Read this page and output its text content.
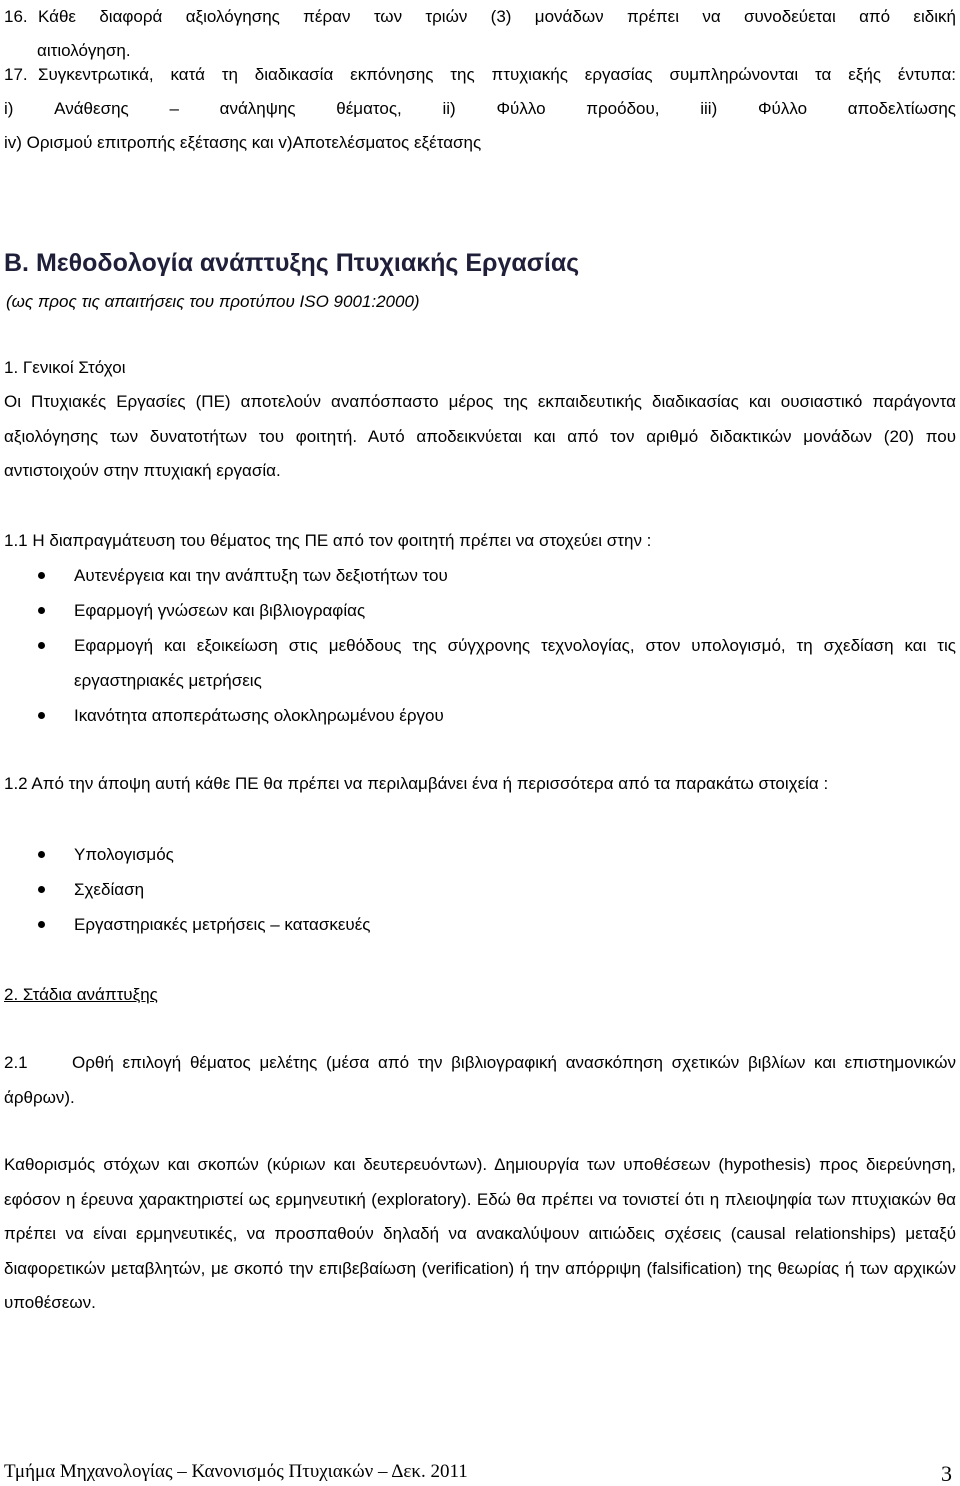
16. Κάθε διαφορά αξιολόγησης πέραν των τριών (3) μονάδων πρέπει να συνοδεύεται από ειδική
αιτιολόγηση.
17. Συγκεντρωτικά, κατά τη διαδικασία εκπόνησης της πτυχιακής εργασίας συμπληρώνονται τα εξής έντυπα:
i) Ανάθεσης – ανάληψης θέματος, ii) Φύλλο προόδου, iii) Φύλλο αποδελτίωσης
iv) Ορισμού επιτροπής εξέτασης και v)Αποτελέσματος εξέτασης
B. Μεθοδολογία ανάπτυξης Πτυχιακής Εργασίας
(ως προς τις απαιτήσεις του προτύπου ISO 9001:2000)
1. Γενικοί Στόχοι
Οι Πτυχιακές Εργασίες (ΠΕ) αποτελούν αναπόσπαστο μέρος της εκπαιδευτικής διαδικασίας και ουσιαστικό παράγοντα αξιολόγησης των δυνατοτήτων του φοιτητή. Αυτό αποδεικνύεται και από τον αριθμό διδακτικών μονάδων (20) που αντιστοιχούν στην πτυχιακή εργασία.
1.1 Η διαπραγμάτευση του θέματος της ΠΕ από τον φοιτητή πρέπει να στοχεύει στην :
Αυτενέργεια και την ανάπτυξη των δεξιοτήτων του
Εφαρμογή γνώσεων και βιβλιογραφίας
Εφαρμογή και εξοικείωση στις μεθόδους της σύγχρονης τεχνολογίας, στον υπολογισμό, τη σχεδίαση και τις εργαστηριακές μετρήσεις
Ικανότητα αποπεράτωσης ολοκληρωμένου έργου
1.2 Από την άποψη αυτή κάθε ΠΕ θα πρέπει να περιλαμβάνει ένα ή περισσότερα από τα παρακάτω στοιχεία :
Υπολογισμός
Σχεδίαση
Εργαστηριακές μετρήσεις – κατασκευές
2. Στάδια ανάπτυξης
2.1	Ορθή επιλογή θέματος μελέτης (μέσα από την βιβλιογραφική ανασκόπηση σχετικών βιβλίων και επιστημονικών άρθρων).
Καθορισμός στόχων και σκοπών (κύριων και δευτερευόντων). Δημιουργία των υποθέσεων (hypothesis) προς διερεύνηση, εφόσον η έρευνα χαρακτηριστεί ως ερμηνευτική (exploratory). Εδώ θα πρέπει να τονιστεί ότι η πλειοψηφία των πτυχιακών θα πρέπει να είναι ερμηνευτικές, να προσπαθούν δηλαδή να ανακαλύψουν αιτιώδεις σχέσεις (causal relationships) μεταξύ διαφορετικών μεταβλητών, με σκοπό την επιβεβαίωση (verification) ή την απόρριψη (falsification) της θεωρίας ή των αρχικών υποθέσεων.
Τμήμα Μηχανολογίας – Κανονισμός Πτυχιακών – Δεκ. 2011	3
